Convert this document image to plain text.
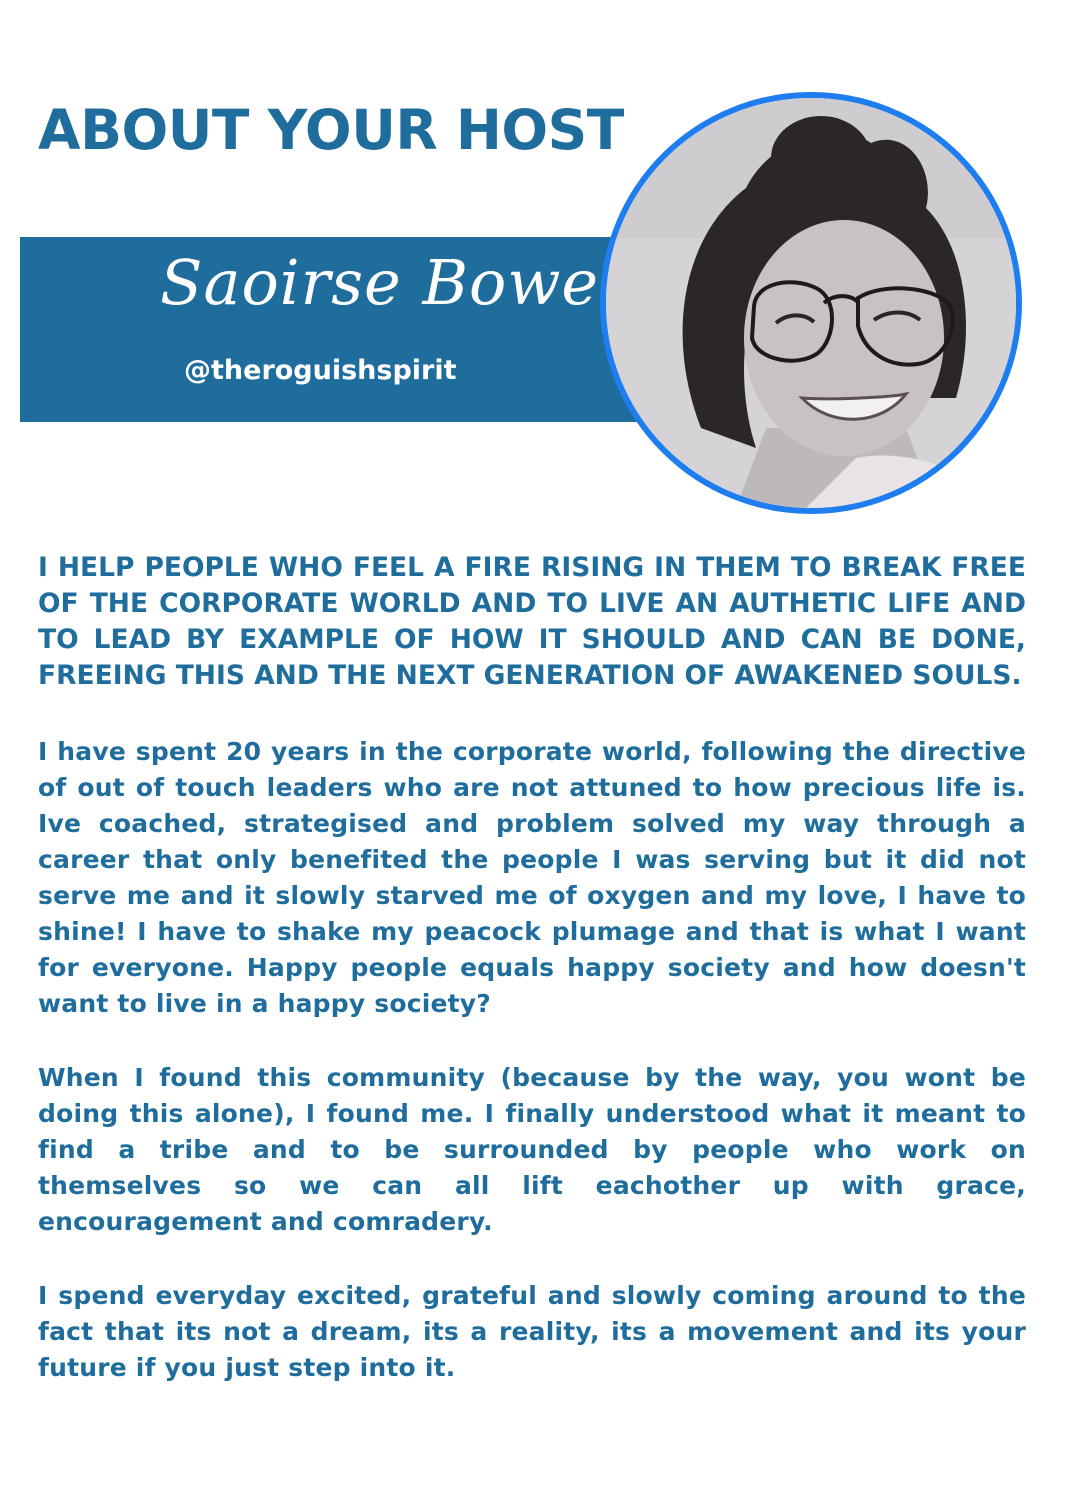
ABOUT YOUR HOST
Saoirse Bowe
@theroguishspirit

I HELP PEOPLE WHO FEEL A FIRE RISING IN THEM TO BREAK FREE OF THE CORPORATE WORLD AND TO LIVE AN AUTHETIC LIFE AND TO LEAD BY EXAMPLE OF HOW IT SHOULD AND CAN BE DONE, FREEING THIS AND THE NEXT GENERATION OF AWAKENED SOULS.

I have spent 20 years in the corporate world, following the directive of out of touch leaders who are not attuned to how precious life is. Ive coached, strategised and problem solved my way through a career that only benefited the people I was serving but it did not serve me and it slowly starved me of oxygen and my love, I have to shine! I have to shake my peacock plumage and that is what I want for everyone. Happy people equals happy society and how doesn't want to live in a happy society?

When I found this community (because by the way, you wont be doing this alone), I found me. I finally understood what it meant to find a tribe and to be surrounded by people who work on themselves so we can all lift eachother up with grace, encouragement and comradery.

I spend everyday excited, grateful and slowly coming around to the fact that its not a dream, its a reality, its a movement and its your future if you just step into it.
